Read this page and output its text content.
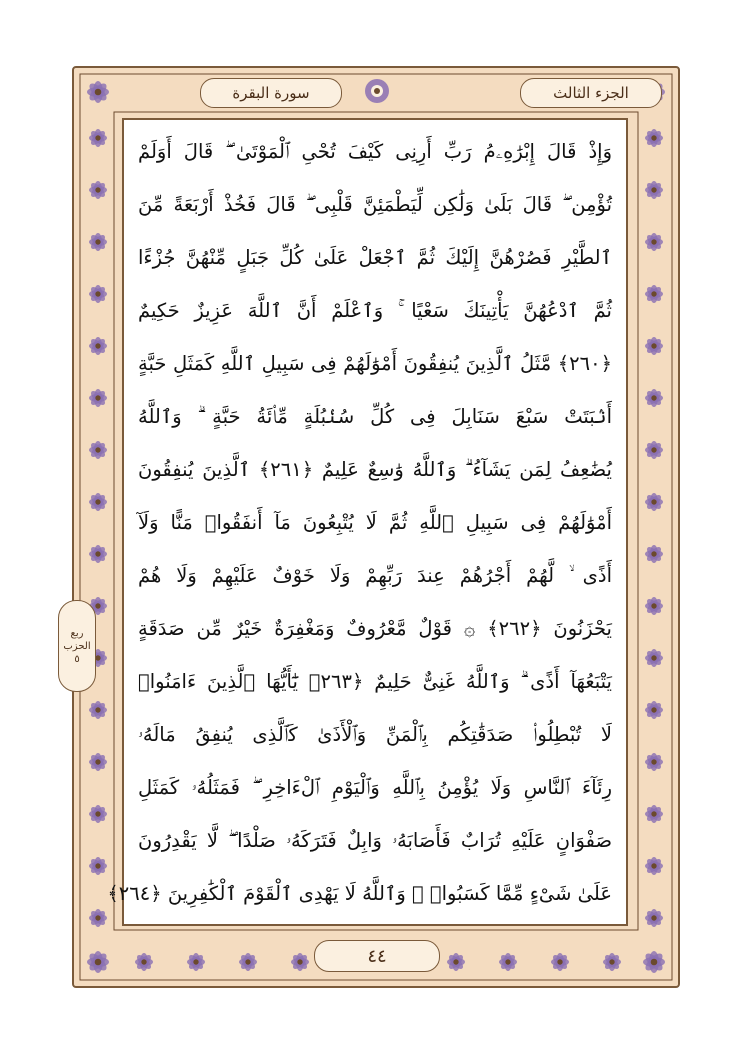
الجزء الثالث
سورة البقرة
وَإِذْ قَالَ إِبْرَٰهِۦمُ رَبِّ أَرِنِى كَيْفَ تُحْىِ ٱلْمَوْتَىٰ ۖ قَالَ أَوَلَمْ
تُؤْمِن ۖ قَالَ بَلَىٰ وَلَٰكِن لِّيَطْمَئِنَّ قَلْبِى ۖ قَالَ فَخُذْ أَرْبَعَةً مِّنَ
ٱلطَّيْرِ فَصُرْهُنَّ إِلَيْكَ ثُمَّ ٱجْعَلْ عَلَىٰ كُلِّ جَبَلٍ مِّنْهُنَّ جُزْءًا
ثُمَّ ٱدْعُهُنَّ يَأْتِينَكَ سَعْيًا ۚ وَٱعْلَمْ أَنَّ ٱللَّهَ عَزِيزٌ حَكِيمٌ
﴿٢٦٠﴾ مَّثَلُ ٱلَّذِينَ يُنفِقُونَ أَمْوَٰلَهُمْ فِى سَبِيلِ ٱللَّهِ كَمَثَلِ حَبَّةٍ
أَنۢبَتَتْ سَبْعَ سَنَابِلَ فِى كُلِّ سُنۢبُلَةٍ مِّا۟ئَةُ حَبَّةٍ ۗ وَٱللَّهُ
يُضَٰعِفُ لِمَن يَشَآءُ ۗ وَٱللَّهُ وَٰسِعٌ عَلِيمٌ ﴿٢٦١﴾ ٱلَّذِينَ يُنفِقُونَ
أَمْوَٰلَهُمْ فِى سَبِيلِ ٱللَّهِ ثُمَّ لَا يُتْبِعُونَ مَآ أَنفَقُوا۟ مَنًّا وَلَآ
أَذًى ۙ لَّهُمْ أَجْرُهُمْ عِندَ رَبِّهِمْ وَلَا خَوْفٌ عَلَيْهِمْ وَلَا هُمْ
يَحْزَنُونَ ﴿٢٦٢﴾ ۞ قَوْلٌ مَّعْرُوفٌ وَمَغْفِرَةٌ خَيْرٌ مِّن صَدَقَةٍ
يَتْبَعُهَآ أَذًى ۗ وَٱللَّهُ غَنِىٌّ حَلِيمٌ ﴿٢٦٣﴾ يَٰٓأَيُّهَا ٱلَّذِينَ ءَامَنُوا۟
لَا تُبْطِلُوا۟ صَدَقَٰتِكُم بِٱلْمَنِّ وَٱلْأَذَىٰ كَٱلَّذِى يُنفِقُ مَالَهُۥ
رِئَآءَ ٱلنَّاسِ وَلَا يُؤْمِنُ بِٱللَّهِ وَٱلْيَوْمِ ٱلْءَاخِرِ ۖ فَمَثَلُهُۥ كَمَثَلِ
صَفْوَانٍ عَلَيْهِ تُرَابٌ فَأَصَابَهُۥ وَابِلٌ فَتَرَكَهُۥ صَلْدًا ۖ لَّا يَقْدِرُونَ
عَلَىٰ شَىْءٍ مِّمَّا كَسَبُوا۟ ۗ وَٱللَّهُ لَا يَهْدِى ٱلْقَوْمَ ٱلْكَٰفِرِينَ ﴿٢٦٤﴾
٤٤
ربع
الحزب
٥
